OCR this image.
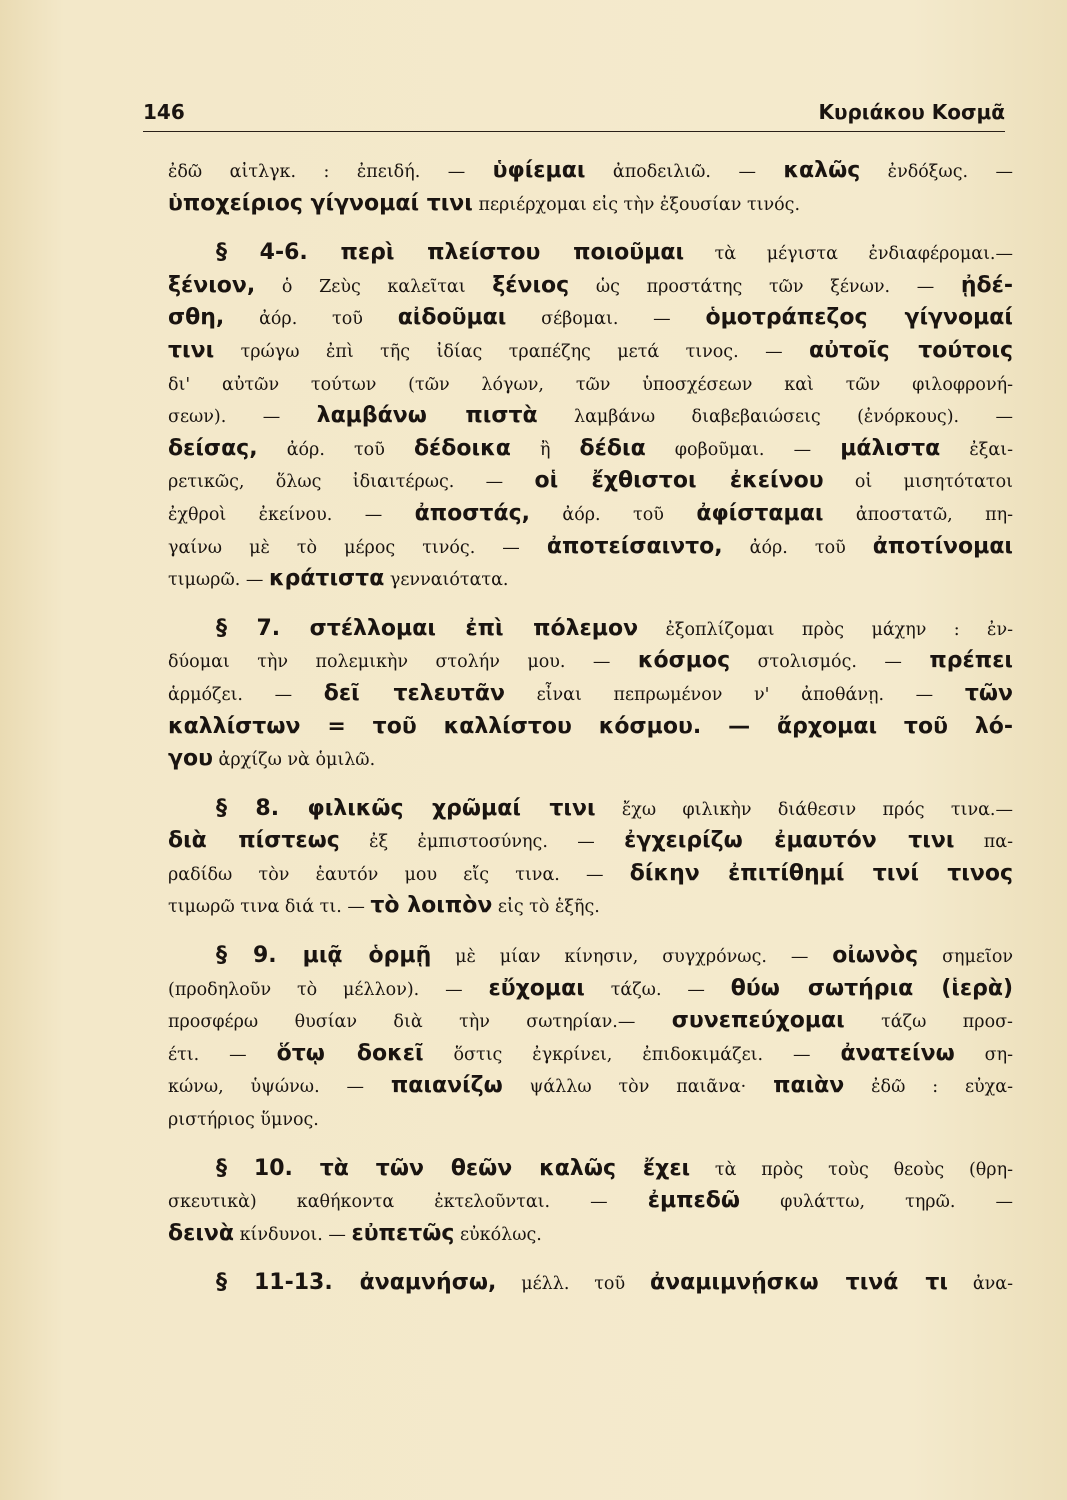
146	Κυριάκου Κοσμᾶ
ἐδῶ αἰτλγκ. : ἐπειδή. — ὑφίεμαι ἀποδειλιῶ. — καλῶς ἐνδόξως. —
ὑποχείριος γίγνομαί τινι περιέρχομαι εἰς τὴν ἐξουσίαν τινός.
§ 4-6. περὶ πλείστου ποιοῦμαι τὰ μέγιστα ἐνδιαφέρομαι.—
ξένιον, ὁ Ζεὺς καλεῖται ξένιος ὡς προστάτης τῶν ξένων. — ᾐδέ-
σθη, ἀόρ. τοῦ αἰδοῦμαι σέβομαι. — ὁμοτράπεζος γίγνομαί
τινι τρώγω ἐπὶ τῆς ἰδίας τραπέζης μετά τινος. — αὐτοῖς τούτοις
δι' αὐτῶν τούτων (τῶν λόγων, τῶν ὑποσχέσεων καὶ τῶν φιλοφρονή-
σεων). — λαμβάνω πιστὰ λαμβάνω διαβεβαιώσεις (ἐνόρκους). —
δείσας, ἀόρ. τοῦ δέδοικα ἢ δέδια φοβοῦμαι. — μάλιστα ἐξαι-
ρετικῶς, ὅλως ἰδιαιτέρως. — οἱ ἔχθιστοι ἐκείνου οἱ μισητότατοι
ἐχθροὶ ἐκείνου. — ἀποστάς, ἀόρ. τοῦ ἀφίσταμαι ἀποστατῶ, πη-
γαίνω μὲ τὸ μέρος τινός. — ἀποτείσαιντο, ἀόρ. τοῦ ἀποτίνομαι
τιμωρῶ. — κράτιστα γενναιότατα.
§ 7. στέλλομαι ἐπὶ πόλεμον ἐξοπλίζομαι πρὸς μάχην : ἐν-
δύομαι τὴν πολεμικὴν στολήν μου. — κόσμος στολισμός. — πρέπει
ἁρμόζει. — δεῖ τελευτᾶν εἶναι πεπρωμένον ν' ἀποθάνῃ. — τῶν
καλλίστων = τοῦ καλλίστου κόσμου. — ἄρχομαι τοῦ λό-
γου ἀρχίζω νὰ ὁμιλῶ.
§ 8. φιλικῶς χρῶμαί τινι ἔχω φιλικὴν διάθεσιν πρός τινα.—
διὰ πίστεως ἐξ ἐμπιστοσύνης. — ἐγχειρίζω ἐμαυτόν τινι πα-
ραδίδω τὸν ἑαυτόν μου εἴς τινα. — δίκην ἐπιτίθημί τινί τινος
τιμωρῶ τινα διά τι. — τὸ λοιπὸν εἰς τὸ ἑξῆς.
§ 9. μιᾷ ὁρμῇ μὲ μίαν κίνησιν, συγχρόνως. — οἰωνὸς σημεῖον
(προδηλοῦν τὸ μέλλον). — εὔχομαι τάζω. — θύω σωτήρια (ἱερὰ)
προσφέρω θυσίαν διὰ τὴν σωτηρίαν.— συνεπεύχομαι τάζω προσ-
έτι. — ὅτῳ δοκεῖ ὅστις ἐγκρίνει, ἐπιδοκιμάζει. — ἀνατείνω ση-
κώνω, ὑψώνω. — παιανίζω ψάλλω τὸν παιᾶνα· παιὰν ἐδῶ : εὐχα-
ριστήριος ὕμνος.
§ 10. τὰ τῶν θεῶν καλῶς ἔχει τὰ πρὸς τοὺς θεοὺς (θρη-
σκευτικὰ) καθήκοντα ἐκτελοῦνται. — ἐμπεδῶ φυλάττω, τηρῶ. —
δεινὰ κίνδυνοι. — εὐπετῶς εὐκόλως.
§ 11-13. ἀναμνήσω, μέλλ. τοῦ ἀναμιμνῄσκω τινά τι ἀνα-
